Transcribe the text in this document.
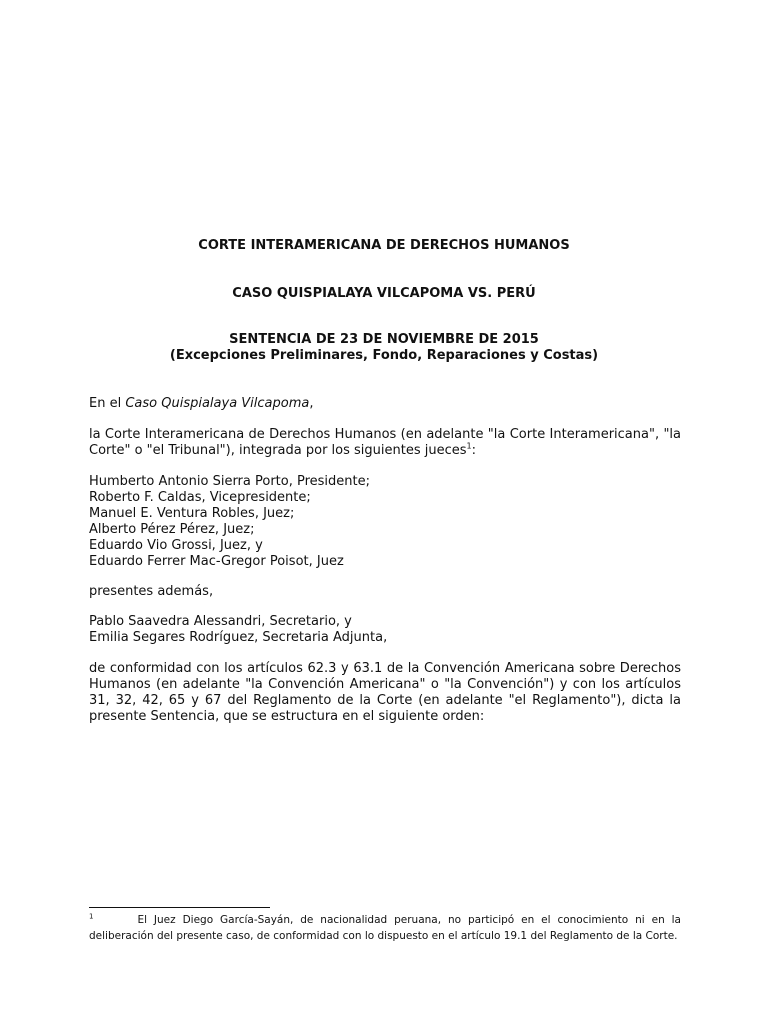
CORTE INTERAMERICANA DE DERECHOS HUMANOS
CASO QUISPIALAYA VILCAPOMA VS. PERÚ
SENTENCIA DE 23 DE NOVIEMBRE DE 2015
(Excepciones Preliminares, Fondo, Reparaciones y Costas)

En el Caso Quispialaya Vilcapoma,

la Corte Interamericana de Derechos Humanos (en adelante "la Corte Interamericana", "la Corte" o "el Tribunal"), integrada por los siguientes jueces$^1$:

Humberto Antonio Sierra Porto, Presidente;

Roberto F. Caldas, Vicepresidente;

Manuel E. Ventura Robles, Juez;

Alberto Pérez Pérez, Juez;

Eduardo Vio Grossi, Juez, y

Eduardo Ferrer Mac-Gregor Poisot, Juez

presentes además,

Pablo Saavedra Alessandri, Secretario, y

Emilia Segares Rodríguez, Secretaria Adjunta,

de conformidad con los artículos 62.3 y 63.1 de la Convención Americana sobre Derechos Humanos (en adelante "la Convención Americana" o "la Convención") y con los artículos 31, 32, 42, 65 y 67 del Reglamento de la Corte (en adelante "el Reglamento"), dicta la presente Sentencia, que se estructura en el siguiente orden:

$^1$	El Juez Diego García-Sayán, de nacionalidad peruana, no participó en el conocimiento ni en la deliberación del presente caso, de conformidad con lo dispuesto en el artículo 19.1 del Reglamento de la Corte.
